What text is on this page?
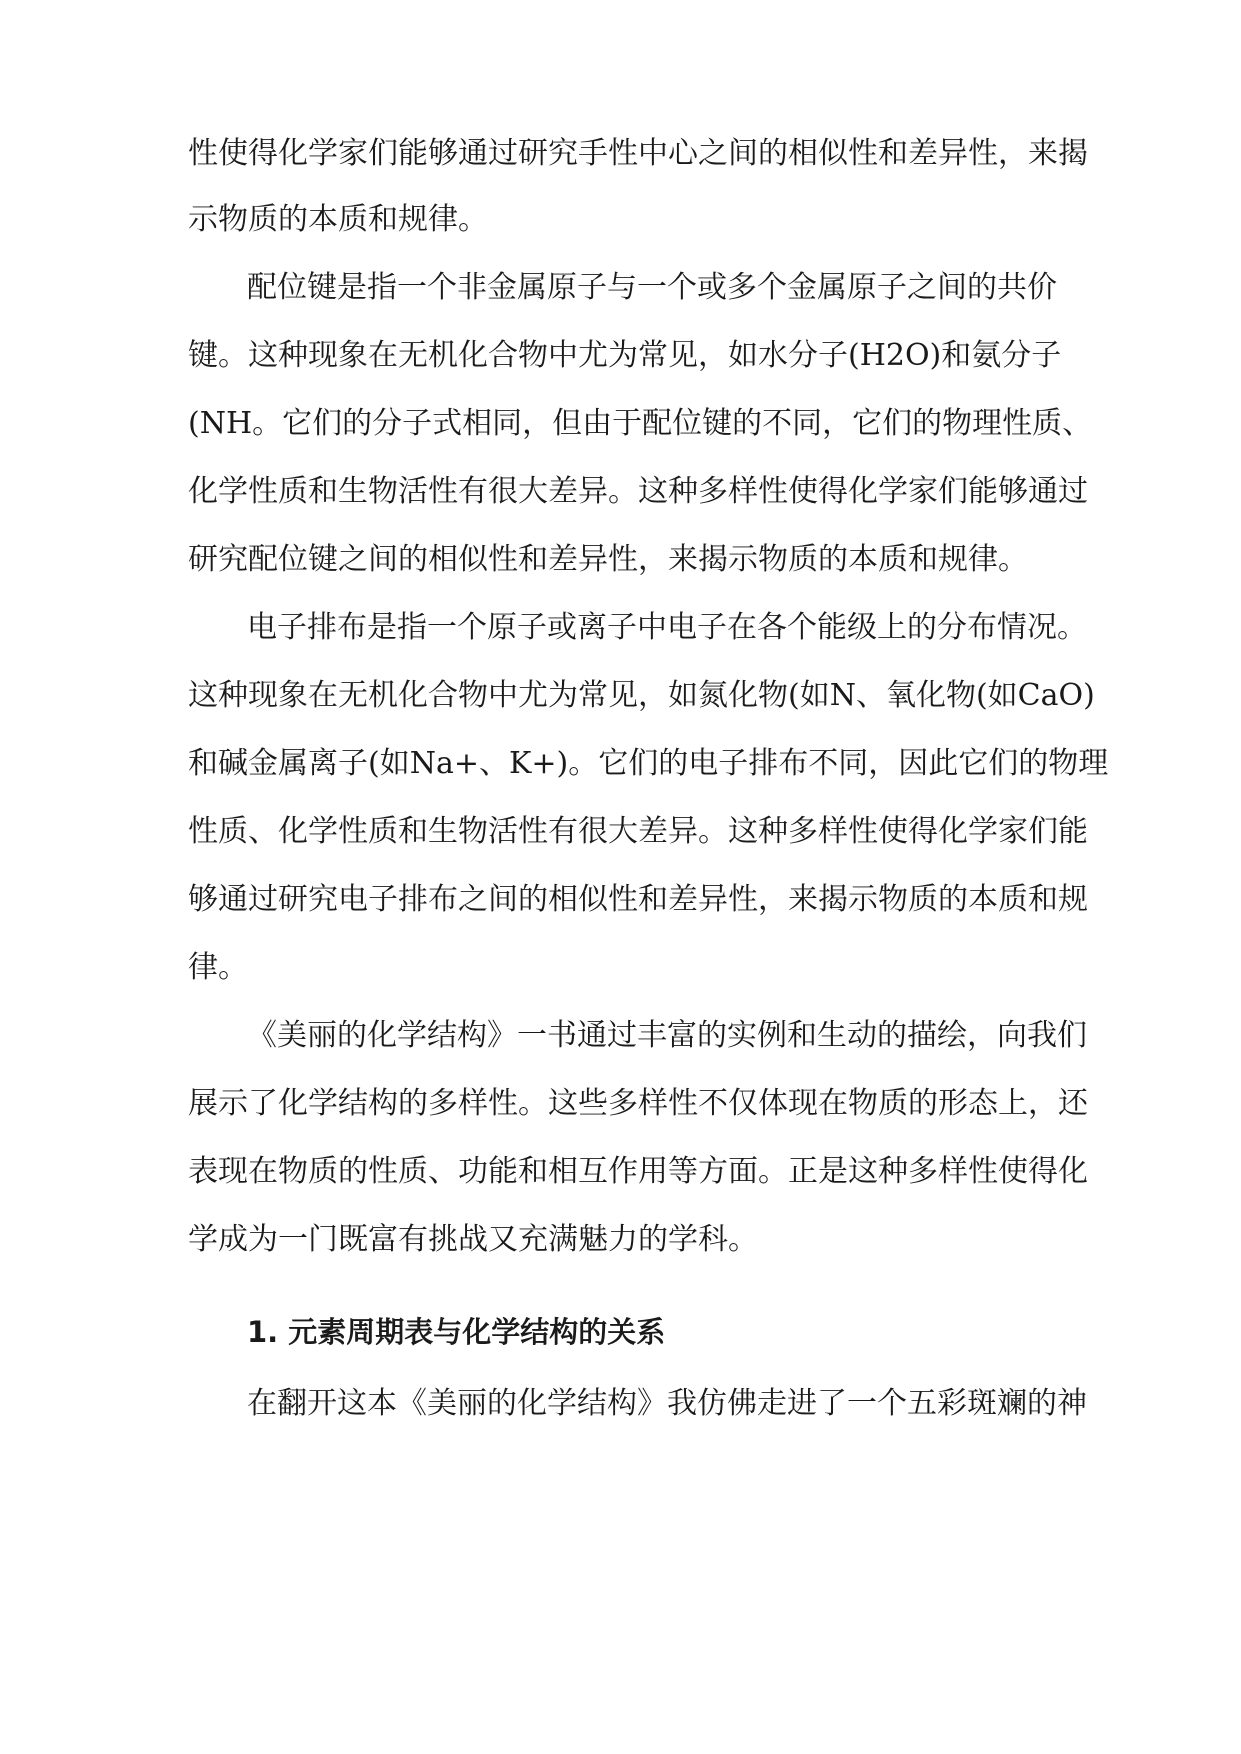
性使得化学家们能够通过研究手性中心之间的相似性和差异性，来揭
示物质的本质和规律。
配位键是指一个非金属原子与一个或多个金属原子之间的共价
键。这种现象在无机化合物中尤为常见，如水分子(H2O)和氨分子
(NH。它们的分子式相同，但由于配位键的不同，它们的物理性质、
化学性质和生物活性有很大差异。这种多样性使得化学家们能够通过
研究配位键之间的相似性和差异性，来揭示物质的本质和规律。
电子排布是指一个原子或离子中电子在各个能级上的分布情况。
这种现象在无机化合物中尤为常见，如氮化物(如N、氧化物(如CaO)
和碱金属离子(如Na+、K+)。它们的电子排布不同，因此它们的物理
性质、化学性质和生物活性有很大差异。这种多样性使得化学家们能
够通过研究电子排布之间的相似性和差异性，来揭示物质的本质和规
律。
《美丽的化学结构》一书通过丰富的实例和生动的描绘，向我们
展示了化学结构的多样性。这些多样性不仅体现在物质的形态上，还
表现在物质的性质、功能和相互作用等方面。正是这种多样性使得化
学成为一门既富有挑战又充满魅力的学科。
1. 元素周期表与化学结构的关系
在翻开这本《美丽的化学结构》我仿佛走进了一个五彩斑斓的神
